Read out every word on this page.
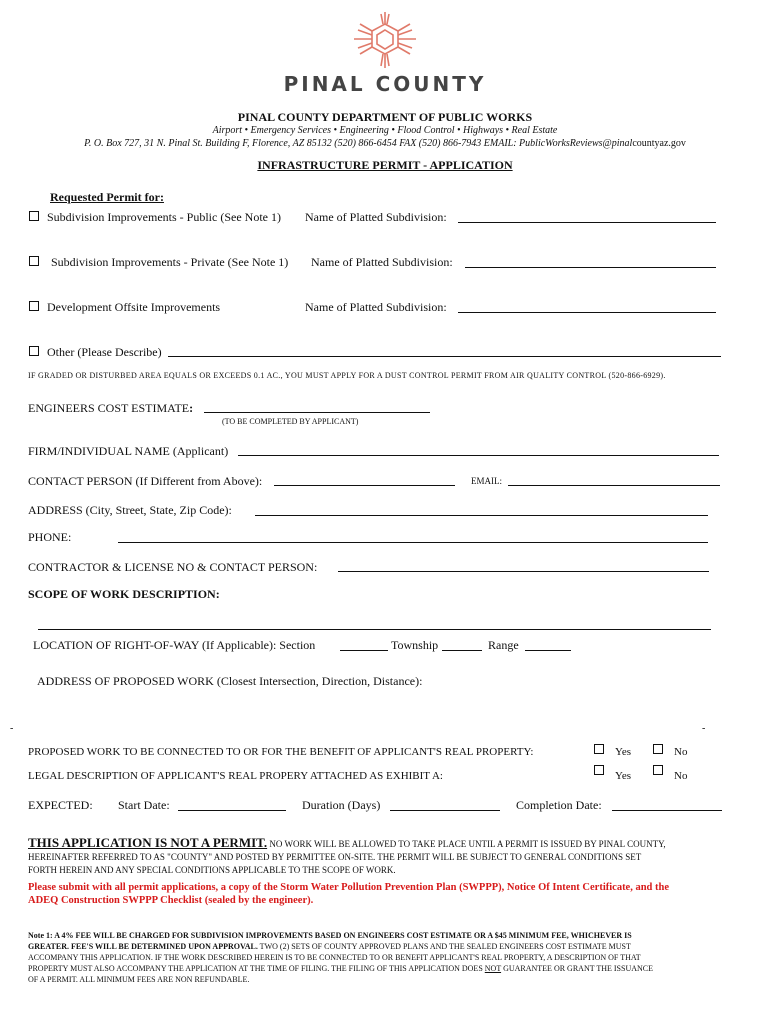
PINAL COUNTY
PINAL COUNTY DEPARTMENT OF PUBLIC WORKS
Airport • Emergency Services • Engineering • Flood Control • Highways • Real Estate
P. O. Box 727, 31 N. Pinal St. Building F, Florence, AZ 85132 (520) 866-6454 FAX (520) 866-7943 EMAIL: PublicWorksReviews@pinalcountyaz.gov
INFRASTRUCTURE PERMIT - APPLICATION
Requested Permit for:
Subdivision Improvements - Public (See Note 1) Name of Platted Subdivision:
Subdivision Improvements - Private (See Note 1) Name of Platted Subdivision:
Development Offsite Improvements	Name of Platted Subdivision:
Other (Please Describe)
IF GRADED OR DISTURBED AREA EQUALS OR EXCEEDS 0.1 AC., YOU MUST APPLY FOR A DUST CONTROL PERMIT FROM AIR QUALITY CONTROL (520-866-6929).
ENGINEERS COST ESTIMATE:
(TO BE COMPLETED BY APPLICANT)
FIRM/INDIVIDUAL NAME (Applicant)
CONTACT PERSON (If Different from Above):	EMAIL:
ADDRESS (City, Street, State, Zip Code):
PHONE:
CONTRACTOR & LICENSE NO & CONTACT PERSON:
SCOPE OF WORK DESCRIPTION:
LOCATION OF RIGHT-OF-WAY (If Applicable): Section	Township	Range
ADDRESS OF PROPOSED WORK (Closest Intersection, Direction, Distance):
-	-
PROPOSED WORK TO BE CONNECTED TO OR FOR THE BENEFIT OF APPLICANT'S REAL PROPERTY:	Yes	No
LEGAL DESCRIPTION OF APPLICANT'S REAL PROPERY ATTACHED AS EXHIBIT A:	Yes	No
EXPECTED: Start Date:	Duration (Days)	Completion Date:
THIS APPLICATION IS NOT A PERMIT. NO WORK WILL BE ALLOWED TO TAKE PLACE UNTIL A PERMIT IS ISSUED BY PINAL COUNTY,
HEREINAFTER REFERRED TO AS "COUNTY" AND POSTED BY PERMITTEE ON-SITE. THE PERMIT WILL BE SUBJECT TO GENERAL CONDITIONS SET
FORTH HEREIN AND ANY SPECIAL CONDITIONS APPLICABLE TO THE SCOPE OF WORK.
Please submit with all permit applications, a copy of the Storm Water Pollution Prevention Plan (SWPPP), Notice Of Intent Certificate, and the
ADEQ Construction SWPPP Checklist (sealed by the engineer).
Note 1: A 4% FEE WILL BE CHARGED FOR SUBDIVISION IMPROVEMENTS BASED ON ENGINEERS COST ESTIMATE OR A $45 MINIMUM FEE, WHICHEVER IS
GREATER. FEE'S WILL BE DETERMINED UPON APPROVAL. TWO (2) SETS OF COUNTY APPROVED PLANS AND THE SEALED ENGINEERS COST ESTIMATE MUST
ACCOMPANY THIS APPLICATION. IF THE WORK DESCRIBED HEREIN IS TO BE CONNECTED TO OR BENEFIT APPLICANT'S REAL PROPERTY, A DESCRIPTION OF THAT
PROPERTY MUST ALSO ACCOMPANY THE APPLICATION AT THE TIME OF FILING. THE FILING OF THIS APPLICATION DOES NOT GUARANTEE OR GRANT THE ISSUANCE
OF A PERMIT. ALL MINIMUM FEES ARE NON REFUNDABLE.
